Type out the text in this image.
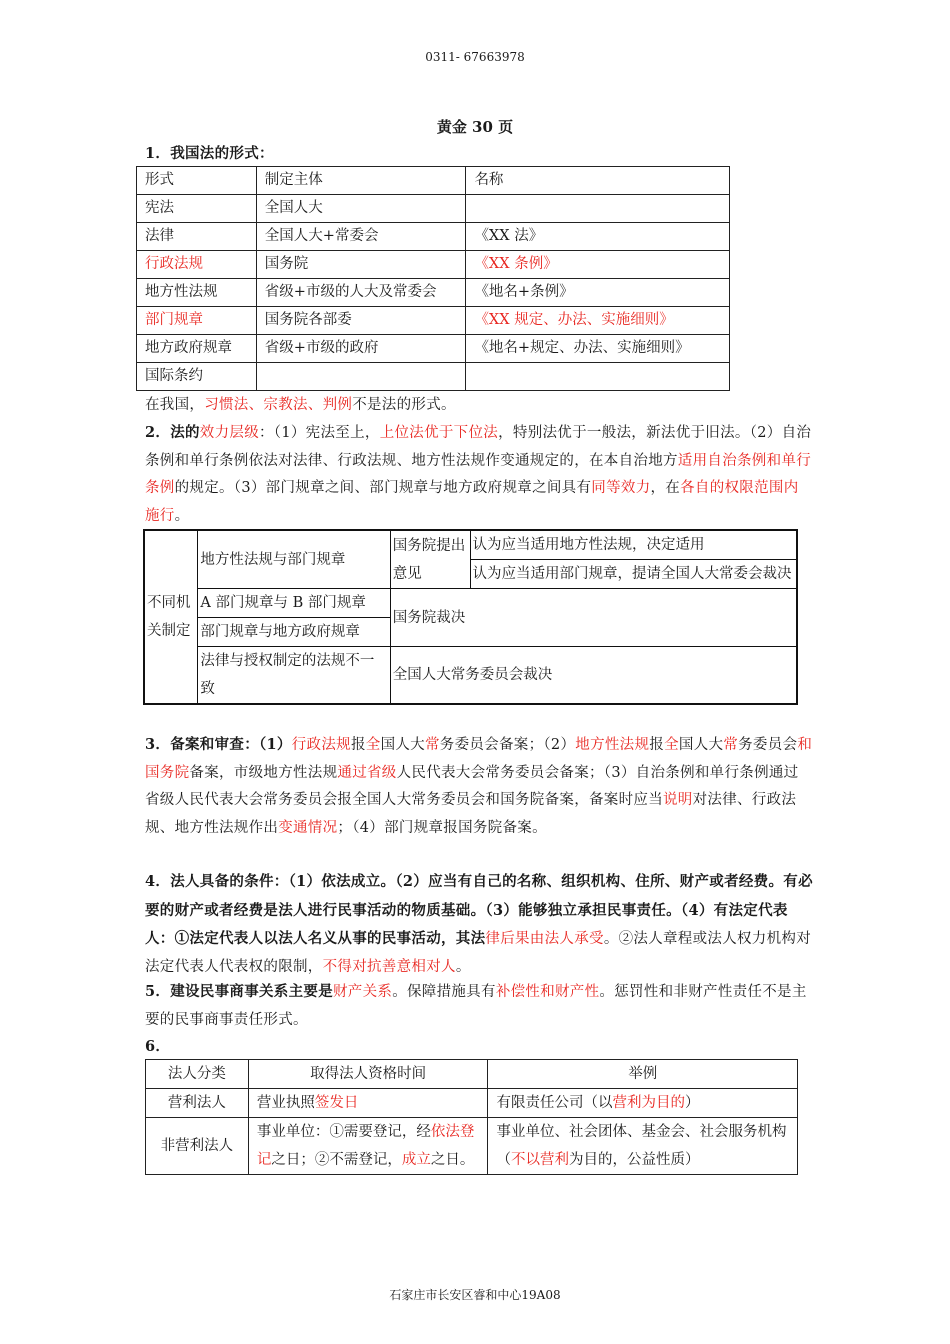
0311- 67663978
黄金 30 页
1．我国法的形式：
形式	制定主体	名称
宪法	全国人大	
法律	全国人大+常委会	《XX 法》
行政法规	国务院	《XX 条例》
地方性法规	省级+市级的人大及常委会	《地名+条例》
部门规章	国务院各部委	《XX 规定、办法、实施细则》
地方政府规章	省级+市级的政府	《地名+规定、办法、实施细则》
国际条约		
在我国，习惯法、宗教法、判例不是法的形式。
2．法的效力层级：（1）宪法至上，上位法优于下位法，特别法优于一般法，新法优于旧法。（2）自治条例和单行条例依法对法律、行政法规、地方性法规作变通规定的，在本自治地方适用自治条例和单行条例的规定。（3）部门规章之间、部门规章与地方政府规章之间具有同等效力，在各自的权限范围内施行。
不同机关制定	地方性法规与部门规章	国务院提出意见	认为应当适用地方性法规，决定适用
			认为应当适用部门规章，提请全国人大常委会裁决
	A 部门规章与 B 部门规章	国务院裁决	
	部门规章与地方政府规章		
	法律与授权制定的法规不一致	全国人大常务委员会裁决	
3．备案和审查：（1）行政法规报全国人大常务委员会备案；（2）地方性法规报全国人大常务委员会和国务院备案，市级地方性法规通过省级人民代表大会常务委员会备案；（3）自治条例和单行条例通过省级人民代表大会常务委员会报全国人大常务委员会和国务院备案，备案时应当说明对法律、行政法规、地方性法规作出变通情况；（4）部门规章报国务院备案。
4．法人具备的条件：（1）依法成立。（2）应当有自己的名称、组织机构、住所、财产或者经费。有必要的财产或者经费是法人进行民事活动的物质基础。（3）能够独立承担民事责任。（4）有法定代表人：①法定代表人以法人名义从事的民事活动，其法律后果由法人承受。②法人章程或法人权力机构对法定代表人代表权的限制，不得对抗善意相对人。
5．建设民事商事关系主要是财产关系。保障措施具有补偿性和财产性。惩罚性和非财产性责任不是主要的民事商事责任形式。
6．
法人分类	取得法人资格时间	举例
营利法人	营业执照签发日	有限责任公司（以营利为目的）
非营利法人	事业单位：①需要登记，经依法登记之日；②不需登记，成立之日。	事业单位、社会团体、基金会、社会服务机构（不以营利为目的，公益性质）
石家庄市长安区睿和中心19A08
